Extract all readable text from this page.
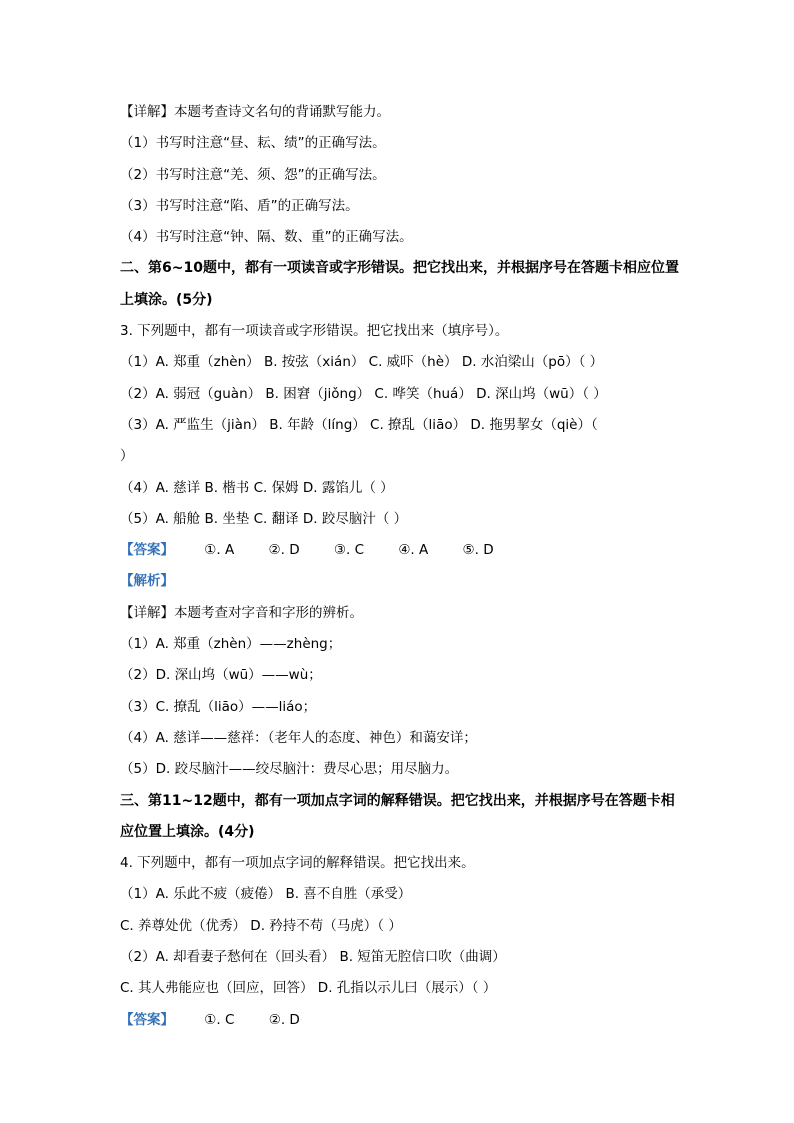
【详解】本题考查诗文名句的背诵默写能力。
（1）书写时注意“昼、耘、绩”的正确写法。
（2）书写时注意“羌、须、怨”的正确写法。
（3）书写时注意“陷、盾”的正确写法。
（4）书写时注意“钟、隔、数、重”的正确写法。
二、第6~10题中，都有一项读音或字形错误。把它找出来，并根据序号在答题卡相应位置
上填涂。(5分)
3. 下列题中，都有一项读音或字形错误。把它找出来（填序号）。
（1）A. 郑重（zhèn） B. 按弦（xián） C. 威吓（hè） D. 水泊梁山（pō）（ ）
（2）A. 弱冠（guàn） B. 困窘（jiǒng） C. 哗笑（huá） D. 深山坞（wū）（ ）
（3）A. 严监生（jiàn） B. 年龄（líng） C. 撩乱（liāo） D. 拖男挈女（qiè）（
）
（4）A. 慈详 B. 楷书 C. 保姆 D. 露馅儿（ ）
（5）A. 船舱 B. 坐垫 C. 翻译 D. 跤尽脑汁（ ）
【答案】 ①. A	②. D	③. C	④. A	⑤. D
【解析】
【详解】本题考查对字音和字形的辨析。
（1）A. 郑重（zhèn）——zhèng；
（2）D. 深山坞（wū）——wù；
（3）C. 撩乱（liāo）——liáo；
（4）A. 慈详——慈祥：（老年人的态度、神色）和蔼安详；
（5）D. 跤尽脑汁——绞尽脑汁：费尽心思；用尽脑力。
三、第11~12题中，都有一项加点字词的解释错误。把它找出来，并根据序号在答题卡相
应位置上填涂。(4分)
4. 下列题中，都有一项加点字词的解释错误。把它找出来。
（1）A. 乐此不疲（疲倦） B. 喜不自胜（承受）
C. 养尊处优（优秀） D. 矜持不苟（马虎）（ ）
（2）A. 却看妻子愁何在（回头看） B. 短笛无腔信口吹（曲调）
C. 其人弗能应也（回应，回答） D. 孔指以示儿曰（展示）（ ）
【答案】 ①. C	②. D
